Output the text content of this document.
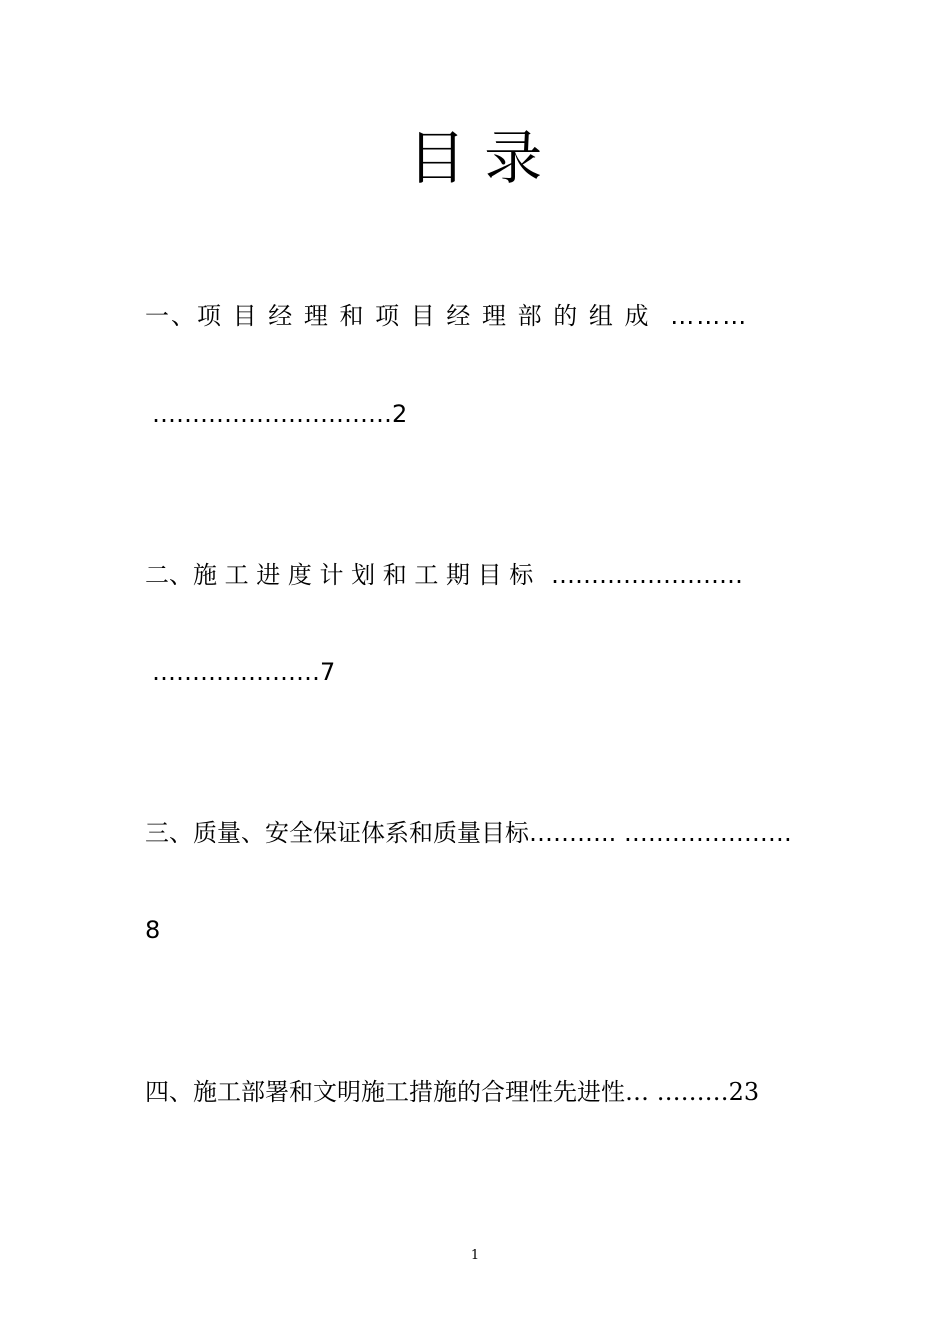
目 录
一、项 目 经 理 和 项 目 经 理 部 的 组 成 ………
…………………………2
二、施 工 进 度 计 划 和 工 期 目 标 ……………………
…………………7
三、质量、安全保证体系和质量目标……….. …………………
8
四、施工部署和文明施工措施的合理性先进性… ………23
1
